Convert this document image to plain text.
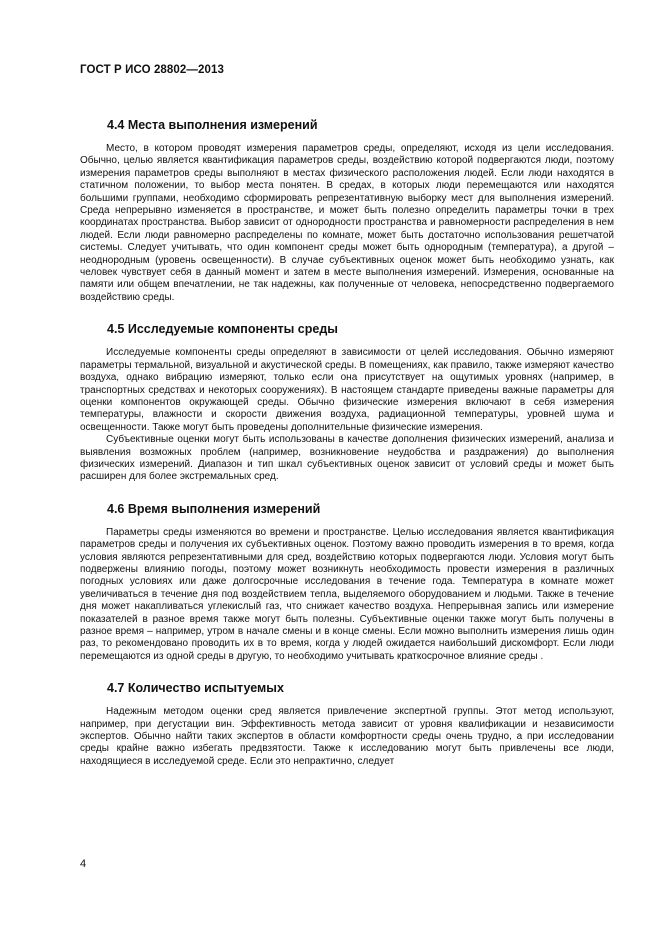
ГОСТ Р ИСО 28802—2013
4.4 Места выполнения измерений

Место, в котором проводят измерения параметров среды, определяют, исходя из цели исследования. Обычно, целью является квантификация параметров среды, воздействию которой подвергаются люди, поэтому измерения параметров среды выполняют в местах физического расположения людей. Если люди находятся в статичном положении, то выбор места понятен. В средах, в которых люди перемещаются или находятся большими группами, необходимо сформировать репрезентативную выборку мест для выполнения измерений. Среда непрерывно изменяется в пространстве, и может быть полезно определить параметры точки в трех координатах пространства. Выбор зависит от однородности пространства и равномерности распределения в нем людей. Если люди равномерно распределены по комнате, может быть достаточно использования решетчатой системы. Следует учитывать, что один компонент среды может быть однородным (температура), а другой – неоднородным (уровень освещенности). В случае субъективных оценок может быть необходимо узнать, как человек чувствует себя в данный момент и затем в месте выполнения измерений. Измерения, основанные на памяти или общем впечатлении, не так надежны, как полученные от человека, непосредственно подвергаемого воздействию среды.

4.5 Исследуемые компоненты среды

Исследуемые компоненты среды определяют в зависимости от целей исследования. Обычно измеряют параметры термальной, визуальной и акустической среды. В помещениях, как правило, также измеряют качество воздуха, однако вибрацию измеряют, только если она присутствует на ощутимых уровнях (например, в транспортных средствах и некоторых сооружениях). В настоящем стандарте приведены важные параметры для оценки компонентов окружающей среды. Обычно физические измерения включают в себя измерения температуры, влажности и скорости движения воздуха, радиационной температуры, уровней шума и освещенности. Также могут быть проведены дополнительные физические измерения.

Субъективные оценки могут быть использованы в качестве дополнения физических измерений, анализа и выявления возможных проблем (например, возникновение неудобства и раздражения) до выполнения физических измерений. Диапазон и тип шкал субъективных оценок зависит от условий среды и может быть расширен для более экстремальных сред.

4.6 Время выполнения измерений

Параметры среды изменяются во времени и пространстве. Целью исследования является квантификация параметров среды и получения их субъективных оценок. Поэтому важно проводить измерения в то время, когда условия являются репрезентативными для сред, воздействию которых подвергаются люди. Условия могут быть подвержены влиянию погоды, поэтому может возникнуть необходимость провести измерения в различных погодных условиях или даже долгосрочные исследования в течение года. Температура в комнате может увеличиваться в течение дня под воздействием тепла, выделяемого оборудованием и людьми. Также в течение дня может накапливаться углекислый газ, что снижает качество воздуха. Непрерывная запись или измерение показателей в разное время также могут быть полезны. Субъективные оценки также могут быть получены в разное время – например, утром в начале смены и в конце смены. Если можно выполнить измерения лишь один раз, то рекомендовано проводить их в то время, когда у людей ожидается наибольший дискомфорт. Если люди перемещаются из одной среды в другую, то необходимо учитывать краткосрочное влияние среды .

4.7 Количество испытуемых

Надежным методом оценки сред является привлечение экспертной группы. Этот метод используют, например, при дегустации вин. Эффективность метода зависит от уровня квалификации и независимости экспертов. Обычно найти таких экспертов в области комфортности среды очень трудно, а при исследовании среды крайне важно избегать предвзятости. Также к исследованию могут быть привлечены все люди, находящиеся в исследуемой среде. Если это непрактично, следует

4
